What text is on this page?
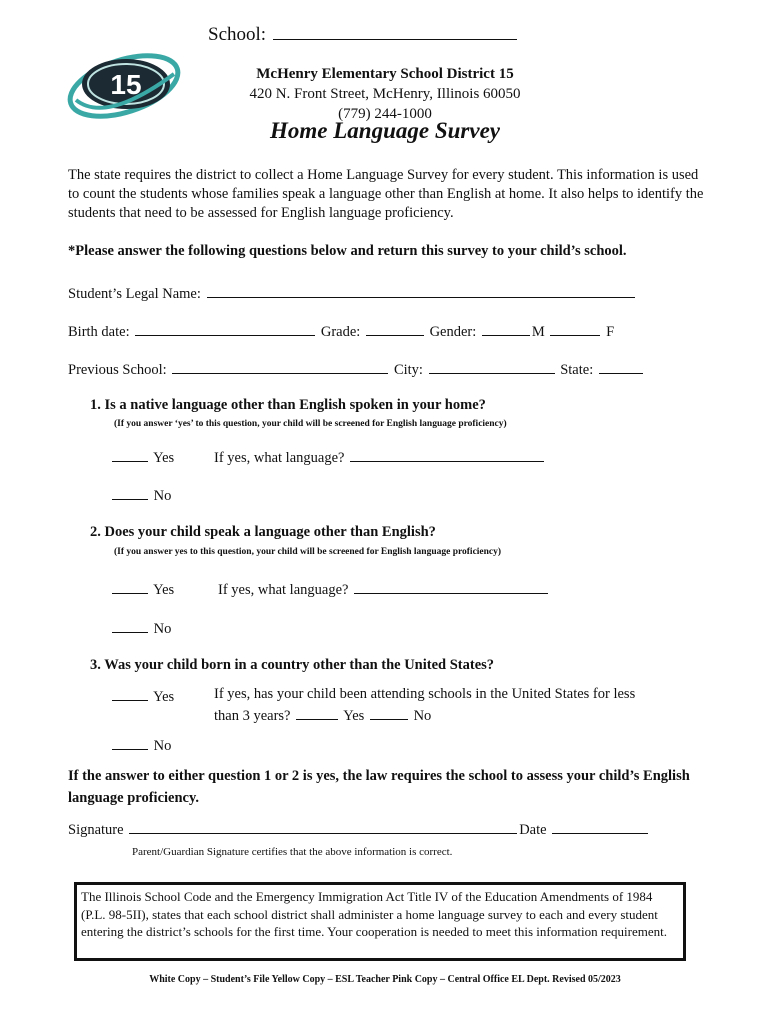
15
School:
McHenry Elementary School District 15
420 N. Front Street, McHenry, Illinois 60050
(779) 244-1000
Home Language Survey
The state requires the district to collect a Home Language Survey for every student. This information is used to count the students whose families speak a language other than English at home. It also helps to identify the students that need to be assessed for English language proficiency.
*Please answer the following questions below and return this survey to your child’s school.
Student’s Legal Name:
Birth date:	Grade:	Gender:	M	F
Previous School:	City:	State:
1. Is a native language other than English spoken in your home?
(If you answer ‘yes’ to this question, your child will be screened for English language proficiency)
Yes	If yes, what language?
No
2. Does your child speak a language other than English?
(If you answer yes to this question, your child will be screened for English language proficiency)
Yes	If yes, what language?
No
3. Was your child born in a country other than the United States?
Yes	If yes, has your child been attending schools in the United States for less
than 3 years?	Yes	No
No
If the answer to either question 1 or 2 is yes, the law requires the school to assess your child’s English language proficiency.
Signature	Date
Parent/Guardian Signature certifies that the above information is correct.
The Illinois School Code and the Emergency Immigration Act Title IV of the Education Amendments of 1984 (P.L. 98-5II), states that each school district shall administer a home language survey to each and every student entering the district’s schools for the first time. Your cooperation is needed to meet this information requirement.
White Copy – Student’s File Yellow Copy – ESL Teacher Pink Copy – Central Office EL Dept. Revised 05/2023
